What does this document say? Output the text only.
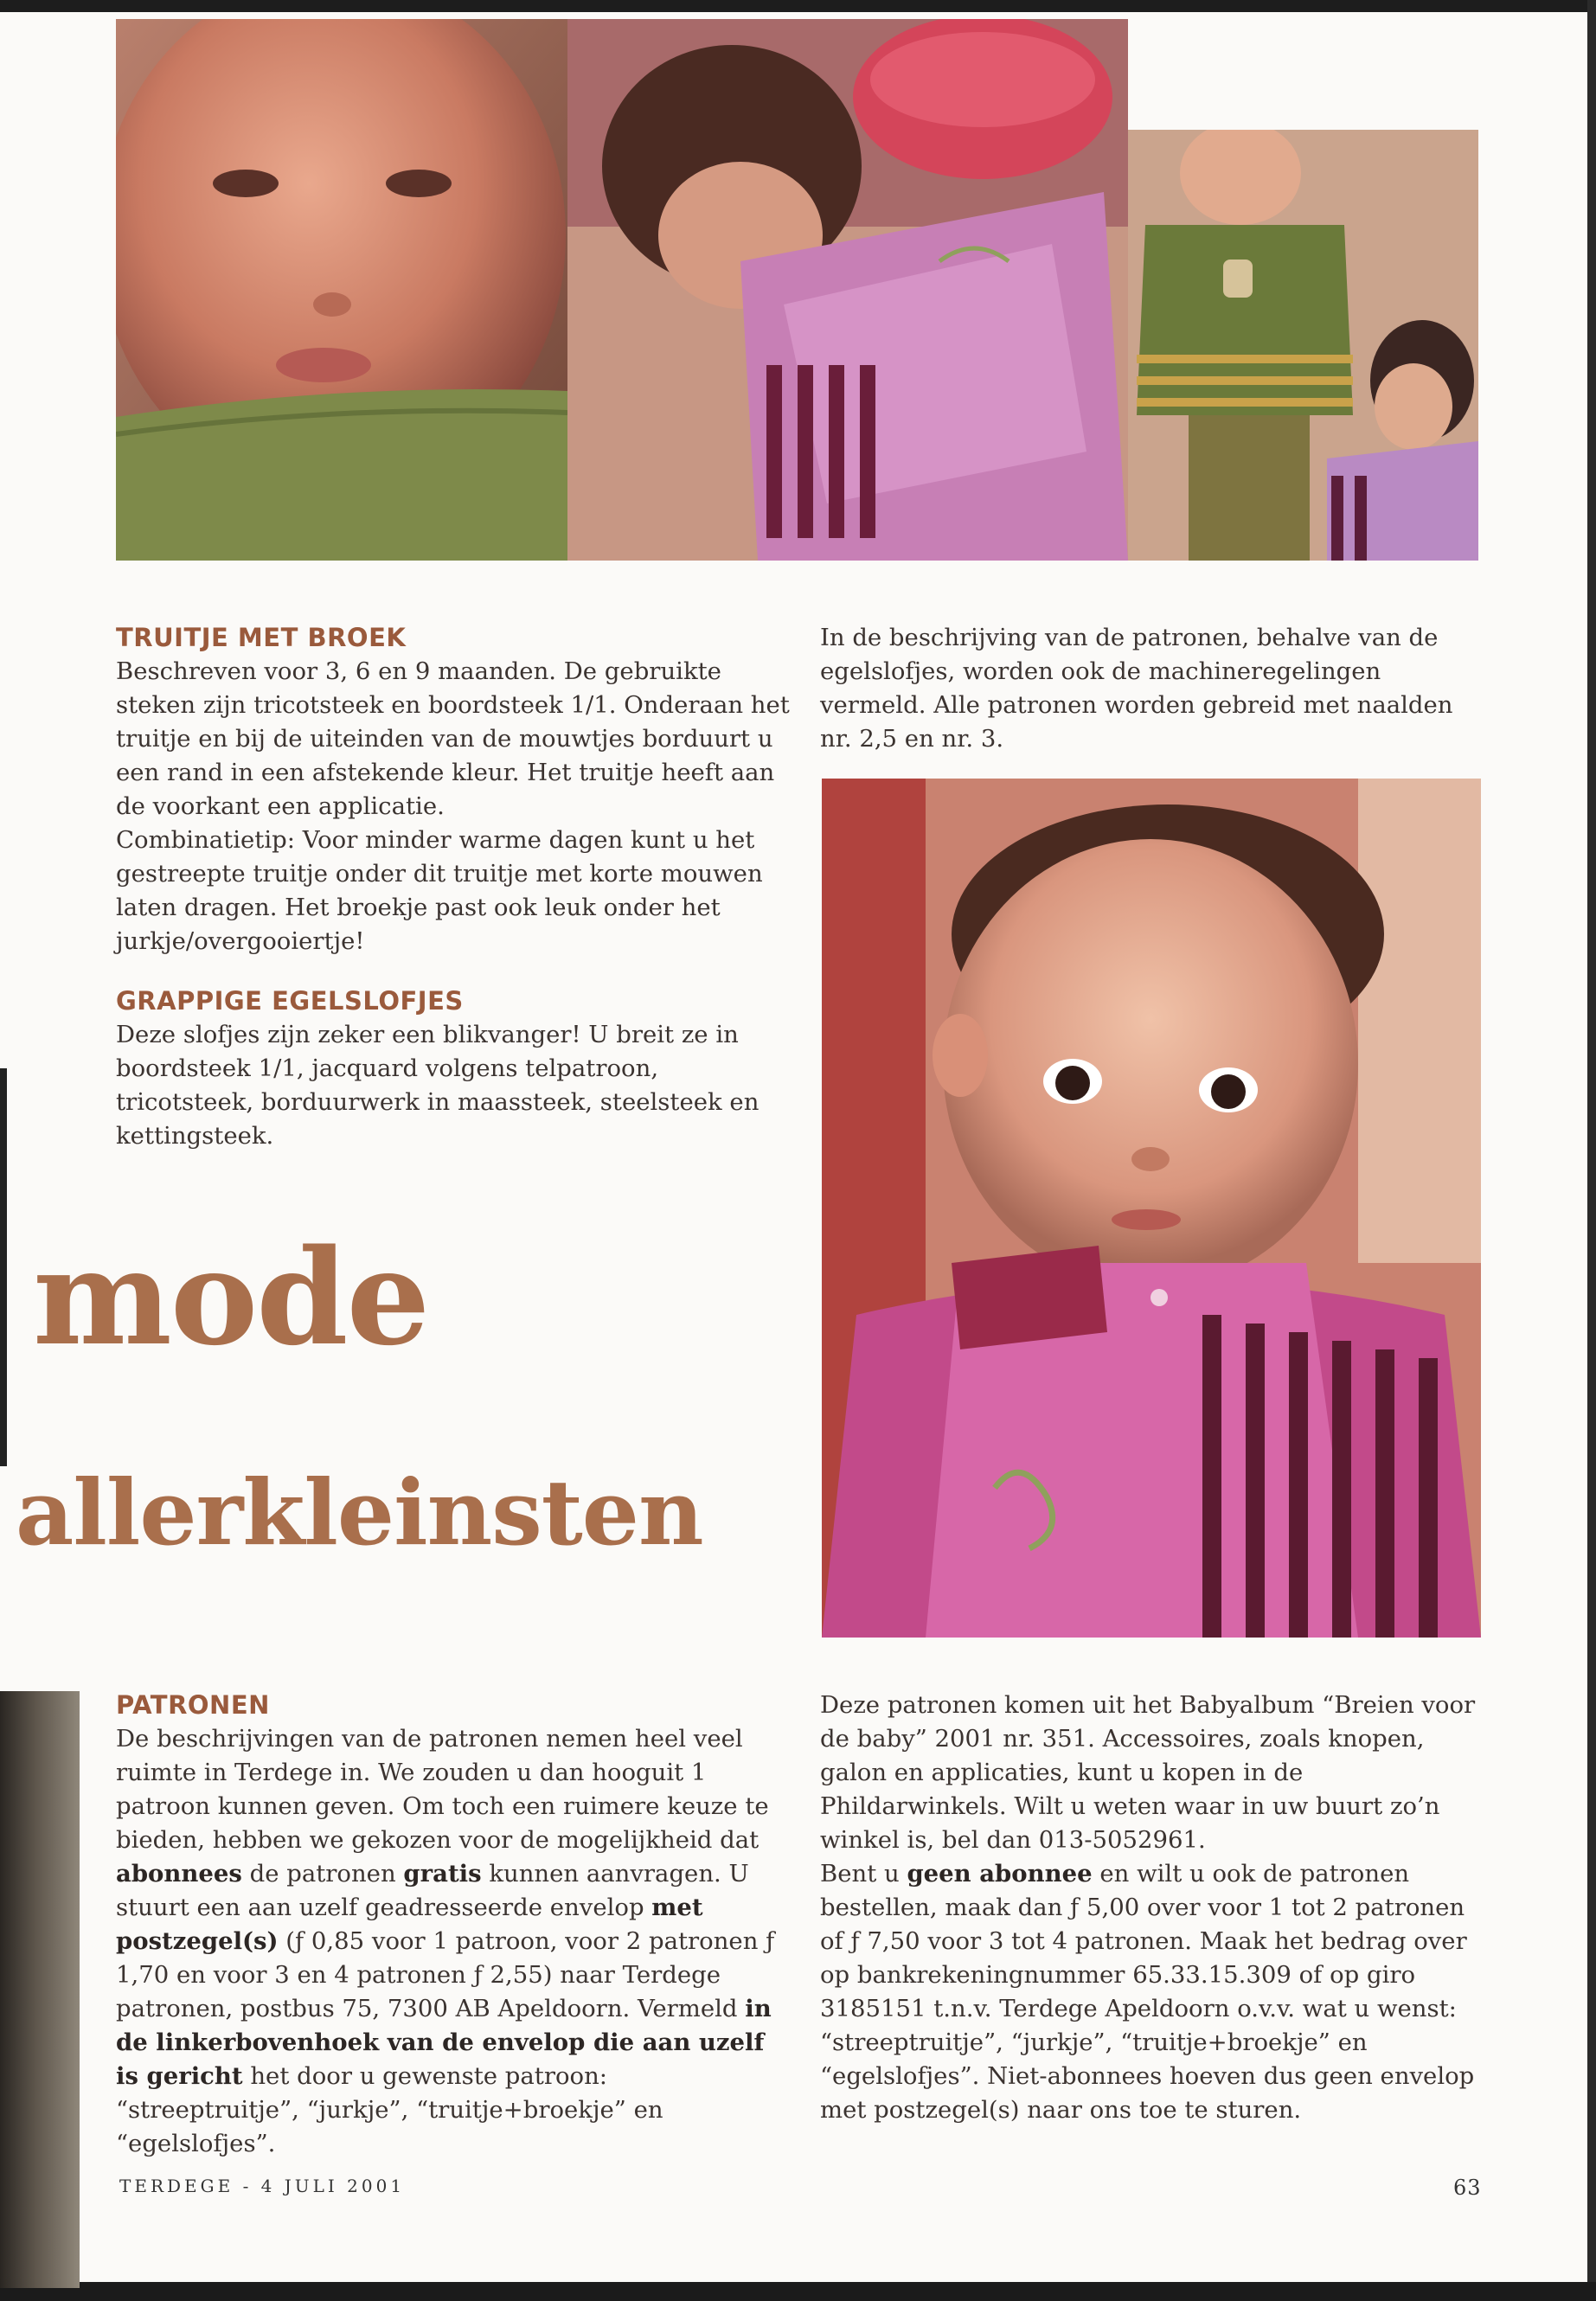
TRUITJE MET BROEK

Beschreven voor 3, 6 en 9 maanden. De gebruikte steken zijn tricotsteek en boordsteek 1/1. Onderaan het truitje en bij de uiteinden van de mouwtjes borduurt u een rand in een afstekende kleur. Het truitje heeft aan de voorkant een applicatie.

Combinatietip: Voor minder warme dagen kunt u het gestreepte truitje onder dit truitje met korte mouwen laten dragen. Het broekje past ook leuk onder het jurkje/overgooiertje!

GRAPPIGE EGELSLOFJES

Deze slofjes zijn zeker een blikvanger! U breit ze in boordsteek 1/1, jacquard volgens telpatroon, tricotsteek, borduurwerk in maassteek, steelsteek en kettingsteek.

In de beschrijving van de patronen, behalve van de egelslofjes, worden ook de machineregelingen vermeld. Alle patronen worden gebreid met naalden nr. 2,5 en nr. 3.

mode
allerkleinsten

PATRONEN

De beschrijvingen van de patronen nemen heel veel ruimte in Terdege in. We zouden u dan hooguit 1 patroon kunnen geven. Om toch een ruimere keuze te bieden, hebben we gekozen voor de mogelijkheid dat abonnees de patronen gratis kunnen aanvragen. U stuurt een aan uzelf geadresseerde envelop met postzegel(s) (ƒ 0,85 voor 1 patroon, voor 2 patronen ƒ 1,70 en voor 3 en 4 patronen ƒ 2,55) naar Terdege patronen, postbus 75, 7300 AB Apeldoorn. Vermeld in de linkerbovenhoek van de envelop die aan uzelf is gericht het door u gewenste patroon: “streeptruitje”, “jurkje”, “truitje+broekje” en “egelslofjes”.

Deze patronen komen uit het Babyalbum “Breien voor de baby” 2001 nr. 351. Accessoires, zoals knopen, galon en applicaties, kunt u kopen in de Phildarwinkels. Wilt u weten waar in uw buurt zo’n winkel is, bel dan 013-5052961.

Bent u geen abonnee en wilt u ook de patronen bestellen, maak dan ƒ 5,00 over voor 1 tot 2 patronen of ƒ 7,50 voor 3 tot 4 patronen. Maak het bedrag over op bankrekeningnummer 65.33.15.309 of op giro 3185151 t.n.v. Terdege Apeldoorn o.v.v. wat u wenst: “streeptruitje”, “jurkje”, “truitje+broekje” en “egelslofjes”. Niet-abonnees hoeven dus geen envelop met postzegel(s) naar ons toe te sturen.

TERDEGE - 4 JULI 2001	63
